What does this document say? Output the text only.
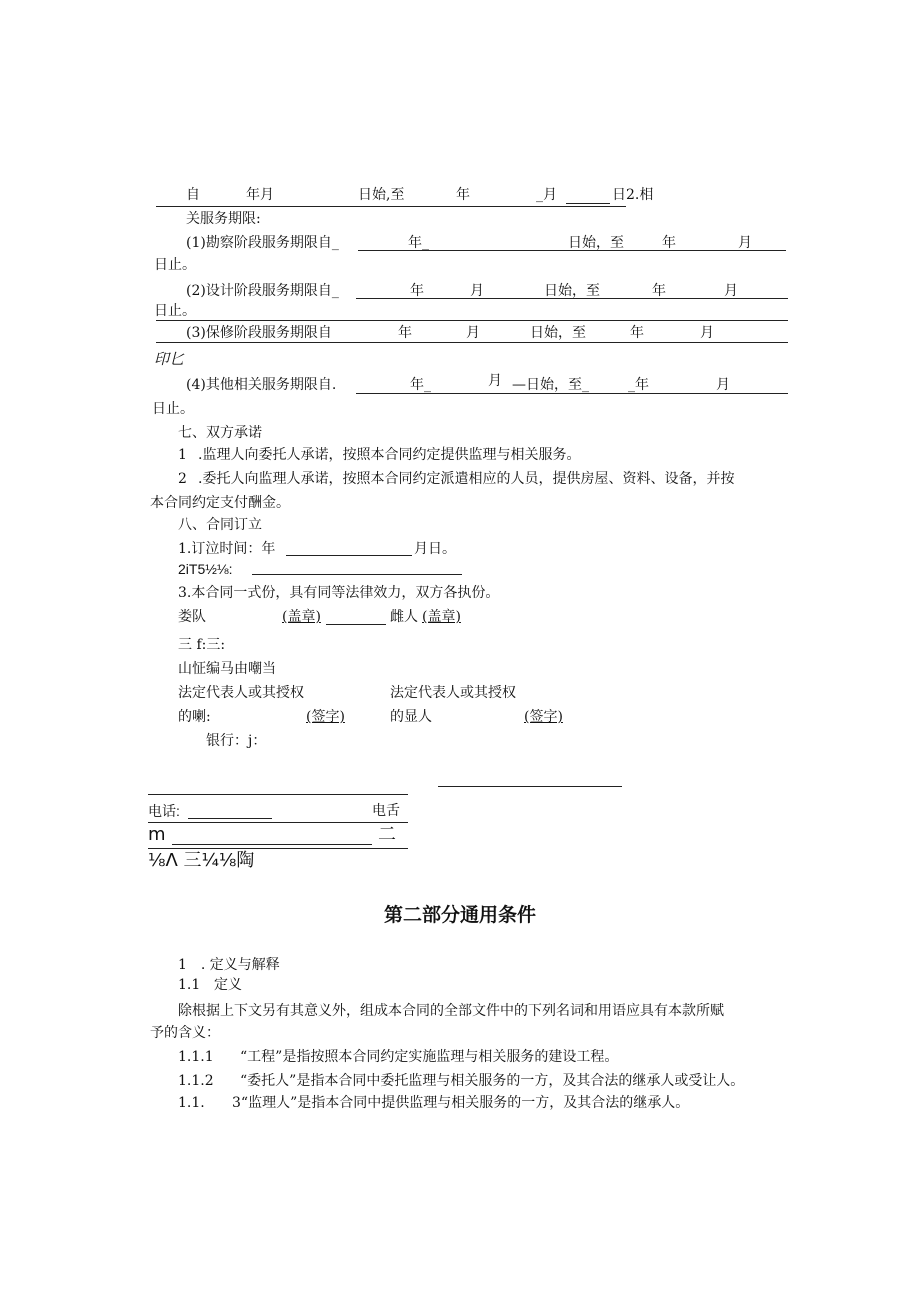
自	年月	日始,至	年	_月	日2.相
关服务期限:
(1)勘察阶段服务期限自_	年_	日始，至	年	月
日止。
(2)设计阶段服务期限自_	年	月	日始，至	年	月
日止。
(3)保修阶段服务期限自	年	月	日始，至	年	月
印匕
(4)其他相关服务期限自.	年_	月 —日始，至_	_年	月
日止。
七、双方承诺
1 .监理人向委托人承诺，按照本合同约定提供监理与相关服务。
2 .委托人向监理人承诺，按照本合同约定派遣相应的人员，提供房屋、资料、设备，并按
本合同约定支付酬金。
八、合同订立
1.订泣时间：年	月日。
2iT5½⅛:
3.本合同一式份，具有同等法律效力，双方各执份。
娄队	(盖章)	雌人 (盖章)
三 f:三:
山怔编马由嘲当
法定代表人或其授权	法定代表人或其授权
的喇:	(签字)	的显人	(签字)
银行：j：
电话:	电舌
m	二
⅛Λ 三¼⅛陶
第二部分通用条件
1　. 定义与解释
1.1 定义
除根据上下文另有其意义外，组成本合同的全部文件中的下列名词和用语应具有本款所赋
予的含义：
1.1.1 “工程”是指按照本合同约定实施监理与相关服务的建设工程。
1.1.2 “委托人”是指本合同中委托监理与相关服务的一方，及其合法的继承人或受让人。
1.1. 3“监理人”是指本合同中提供监理与相关服务的一方，及其合法的继承人。
